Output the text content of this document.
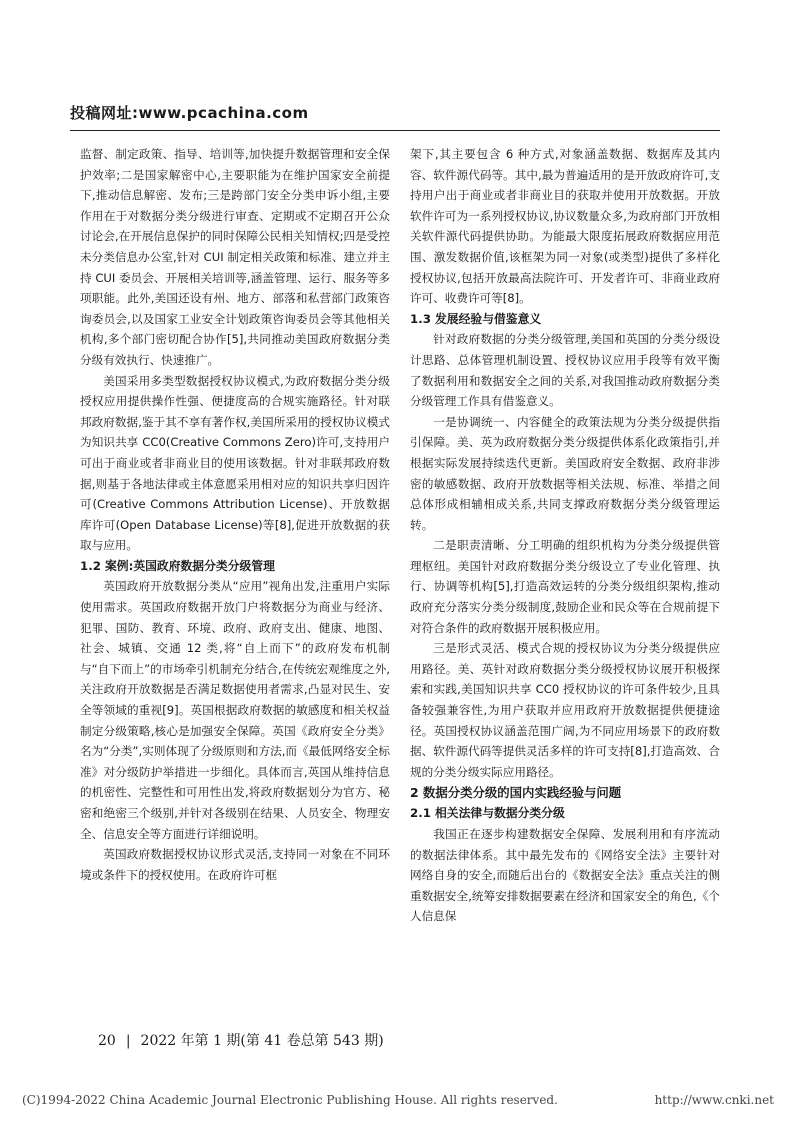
投稿网址:www.pcachina.com

监督、制定政策、指导、培训等,加快提升数据管理和安全保护效率;二是国家解密中心,主要职能为在维护国家安全前提下,推动信息解密、发布;三是跨部门安全分类申诉小组,主要作用在于对数据分类分级进行审查、定期或不定期召开公众讨论会,在开展信息保护的同时保障公民相关知情权;四是受控未分类信息办公室,针对 CUI 制定相关政策和标准、建立并主持 CUI 委员会、开展相关培训等,涵盖管理、运行、服务等多项职能。此外,美国还设有州、地方、部落和私营部门政策咨询委员会,以及国家工业安全计划政策咨询委员会等其他相关机构,多个部门密切配合协作[5],共同推动美国政府数据分类分级有效执行、快速推广。

美国采用多类型数据授权协议模式,为政府数据分类分级授权应用提供操作性强、便捷度高的合规实施路径。针对联邦政府数据,鉴于其不享有著作权,美国所采用的授权协议模式为知识共享 CC0(Creative Commons Zero)许可,支持用户可出于商业或者非商业目的使用该数据。针对非联邦政府数据,则基于各地法律或主体意愿采用相对应的知识共享归因许可(Creative Commons Attribution License)、开放数据库许可(Open Database License)等[8],促进开放数据的获取与应用。

1.2 案例:英国政府数据分类分级管理

英国政府开放数据分类从“应用”视角出发,注重用户实际使用需求。英国政府数据开放门户将数据分为商业与经济、犯罪、国防、教育、环境、政府、政府支出、健康、地图、社会、城镇、交通 12 类,将“自上而下”的政府发布机制与“自下而上”的市场牵引机制充分结合,在传统宏观维度之外,关注政府开放数据是否满足数据使用者需求,凸显对民生、安全等领域的重视[9]。英国根据政府数据的敏感度和相关权益制定分级策略,核心是加强安全保障。英国《政府安全分类》名为“分类”,实则体现了分级原则和方法,而《最低网络安全标准》对分级防护举措进一步细化。具体而言,英国从维持信息的机密性、完整性和可用性出发,将政府数据划分为官方、秘密和绝密三个级别,并针对各级别在结果、人员安全、物理安全、信息安全等方面进行详细说明。

英国政府数据授权协议形式灵活,支持同一对象在不同环境或条件下的授权使用。在政府许可框

架下,其主要包含 6 种方式,对象涵盖数据、数据库及其内容、软件源代码等。其中,最为普遍适用的是开放政府许可,支持用户出于商业或者非商业目的获取并使用开放数据。开放软件许可为一系列授权协议,协议数量众多,为政府部门开放相关软件源代码提供协助。为能最大限度拓展政府数据应用范围、激发数据价值,该框架为同一对象(或类型)提供了多样化授权协议,包括开放最高法院许可、开发者许可、非商业政府许可、收费许可等[8]。

1.3 发展经验与借鉴意义

针对政府数据的分类分级管理,美国和英国的分类分级设计思路、总体管理机制设置、授权协议应用手段等有效平衡了数据利用和数据安全之间的关系,对我国推动政府数据分类分级管理工作具有借鉴意义。

一是协调统一、内容健全的政策法规为分类分级提供指引保障。美、英为政府数据分类分级提供体系化政策指引,并根据实际发展持续迭代更新。美国政府安全数据、政府非涉密的敏感数据、政府开放数据等相关法规、标准、举措之间总体形成相辅相成关系,共同支撑政府数据分类分级管理运转。

二是职责清晰、分工明确的组织机构为分类分级提供管理枢纽。美国针对政府数据分类分级设立了专业化管理、执行、协调等机构[5],打造高效运转的分类分级组织架构,推动政府充分落实分类分级制度,鼓励企业和民众等在合规前提下对符合条件的政府数据开展积极应用。

三是形式灵活、模式合规的授权协议为分类分级提供应用路径。美、英针对政府数据分类分级授权协议展开积极探索和实践,美国知识共享 CC0 授权协议的许可条件较少,且具备较强兼容性,为用户获取并应用政府开放数据提供便捷途径。英国授权协议涵盖范围广阔,为不同应用场景下的政府数据、软件源代码等提供灵活多样的许可支持[8],打造高效、合规的分类分级实际应用路径。

2 数据分类分级的国内实践经验与问题
2.1 相关法律与数据分类分级

我国正在逐步构建数据安全保障、发展利用和有序流动的数据法律体系。其中最先发布的《网络安全法》主要针对网络自身的安全,而随后出台的《数据安全法》重点关注的侧重数据安全,统筹安排数据要素在经济和国家安全的角色,《个人信息保

20 | 2022 年第 1 期(第 41 卷总第 543 期)
(C)1994-2022 China Academic Journal Electronic Publishing House. All rights reserved.	http://www.cnki.net
